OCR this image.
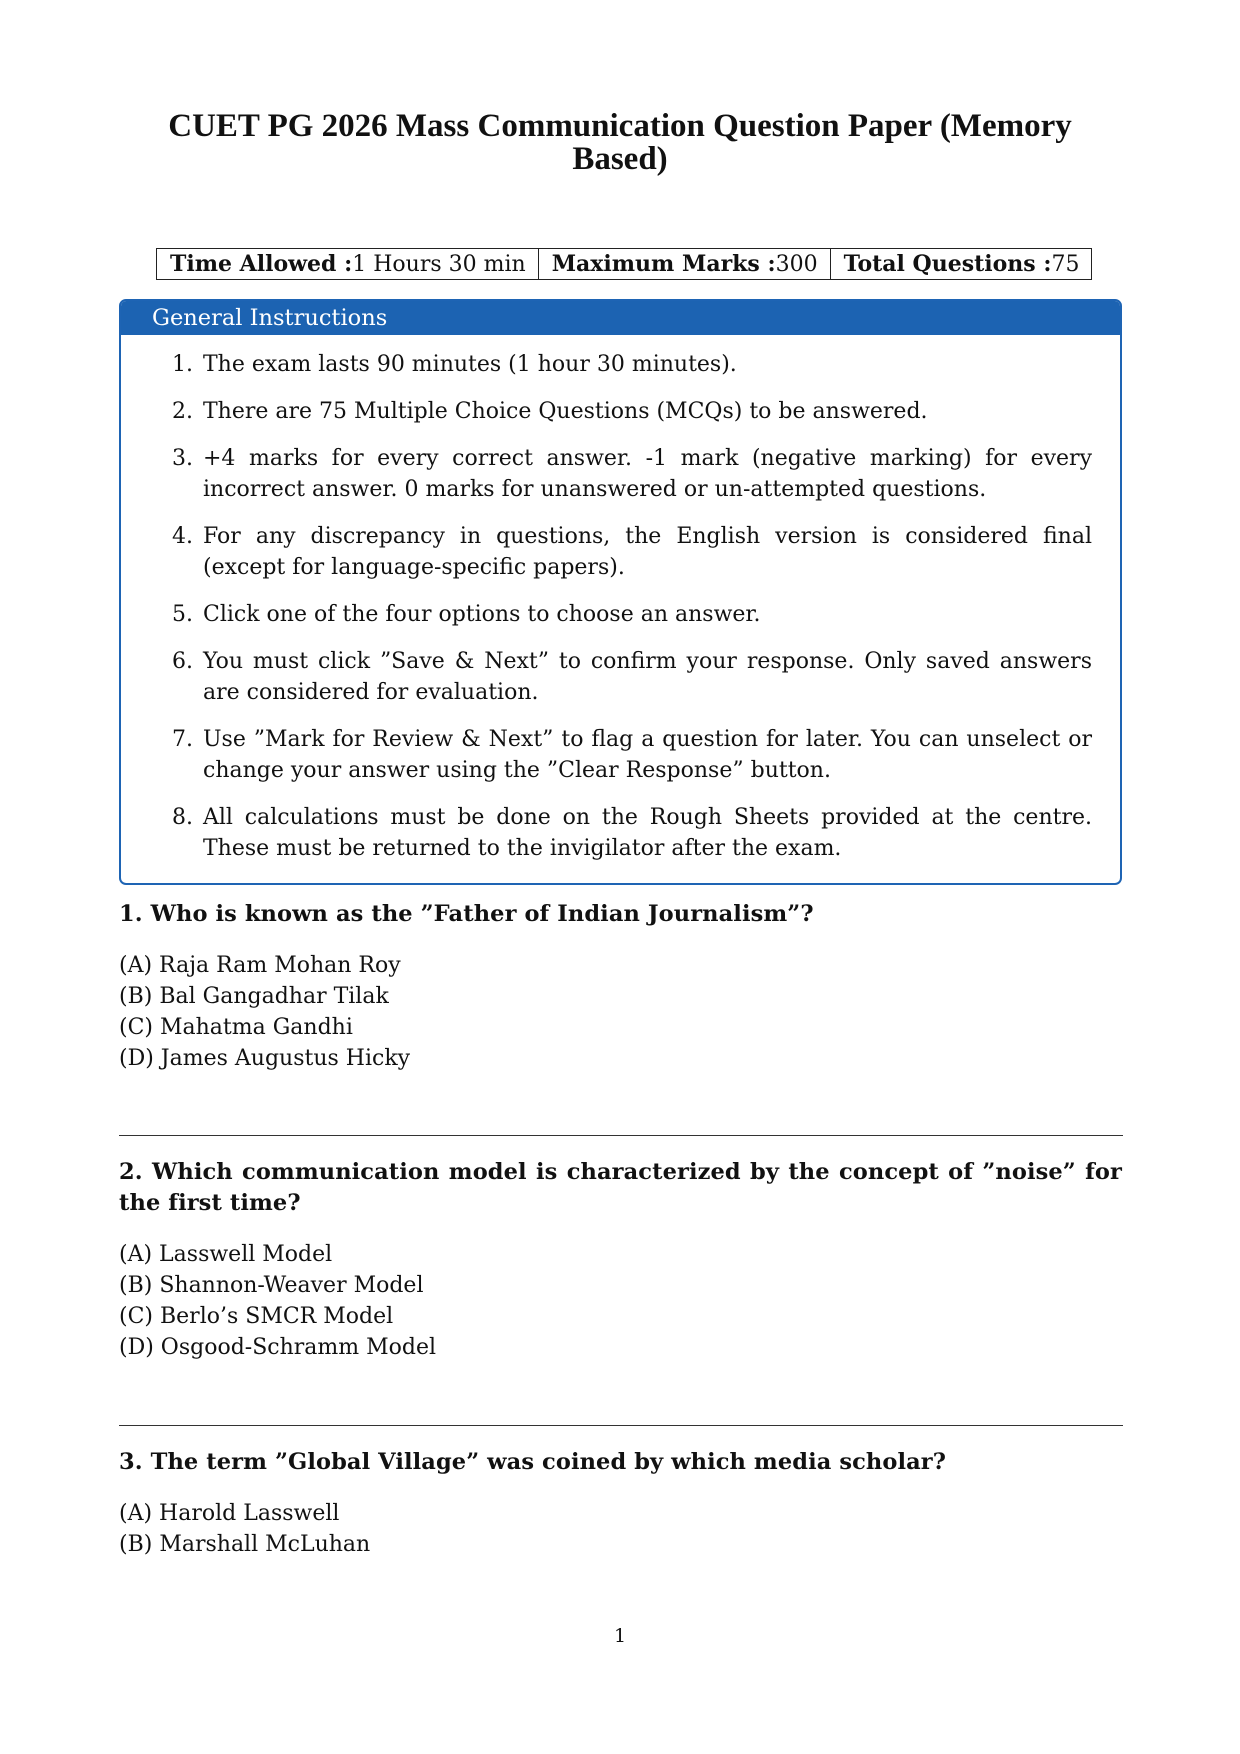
CUET PG 2026 Mass Communication Question Paper (Memory Based)
Time Allowed :1 Hours 30 min	Maximum Marks :300	Total Questions :75
General Instructions
1. The exam lasts 90 minutes (1 hour 30 minutes).
2. There are 75 Multiple Choice Questions (MCQs) to be answered.
3. +4 marks for every correct answer. -1 mark (negative marking) for every incorrect answer. 0 marks for unanswered or un-attempted questions.
4. For any discrepancy in questions, the English version is considered final (except for language-specific papers).
5. Click one of the four options to choose an answer.
6. You must click ”Save & Next” to confirm your response. Only saved answers are considered for evaluation.
7. Use ”Mark for Review & Next” to flag a question for later. You can unselect or change your answer using the ”Clear Response” button.
8. All calculations must be done on the Rough Sheets provided at the centre. These must be returned to the invigilator after the exam.
1. Who is known as the ”Father of Indian Journalism”?
(A) Raja Ram Mohan Roy
(B) Bal Gangadhar Tilak
(C) Mahatma Gandhi
(D) James Augustus Hicky
2. Which communication model is characterized by the concept of ”noise” for the first time?
(A) Lasswell Model
(B) Shannon-Weaver Model
(C) Berlo’s SMCR Model
(D) Osgood-Schramm Model
3. The term ”Global Village” was coined by which media scholar?
(A) Harold Lasswell
(B) Marshall McLuhan
1
